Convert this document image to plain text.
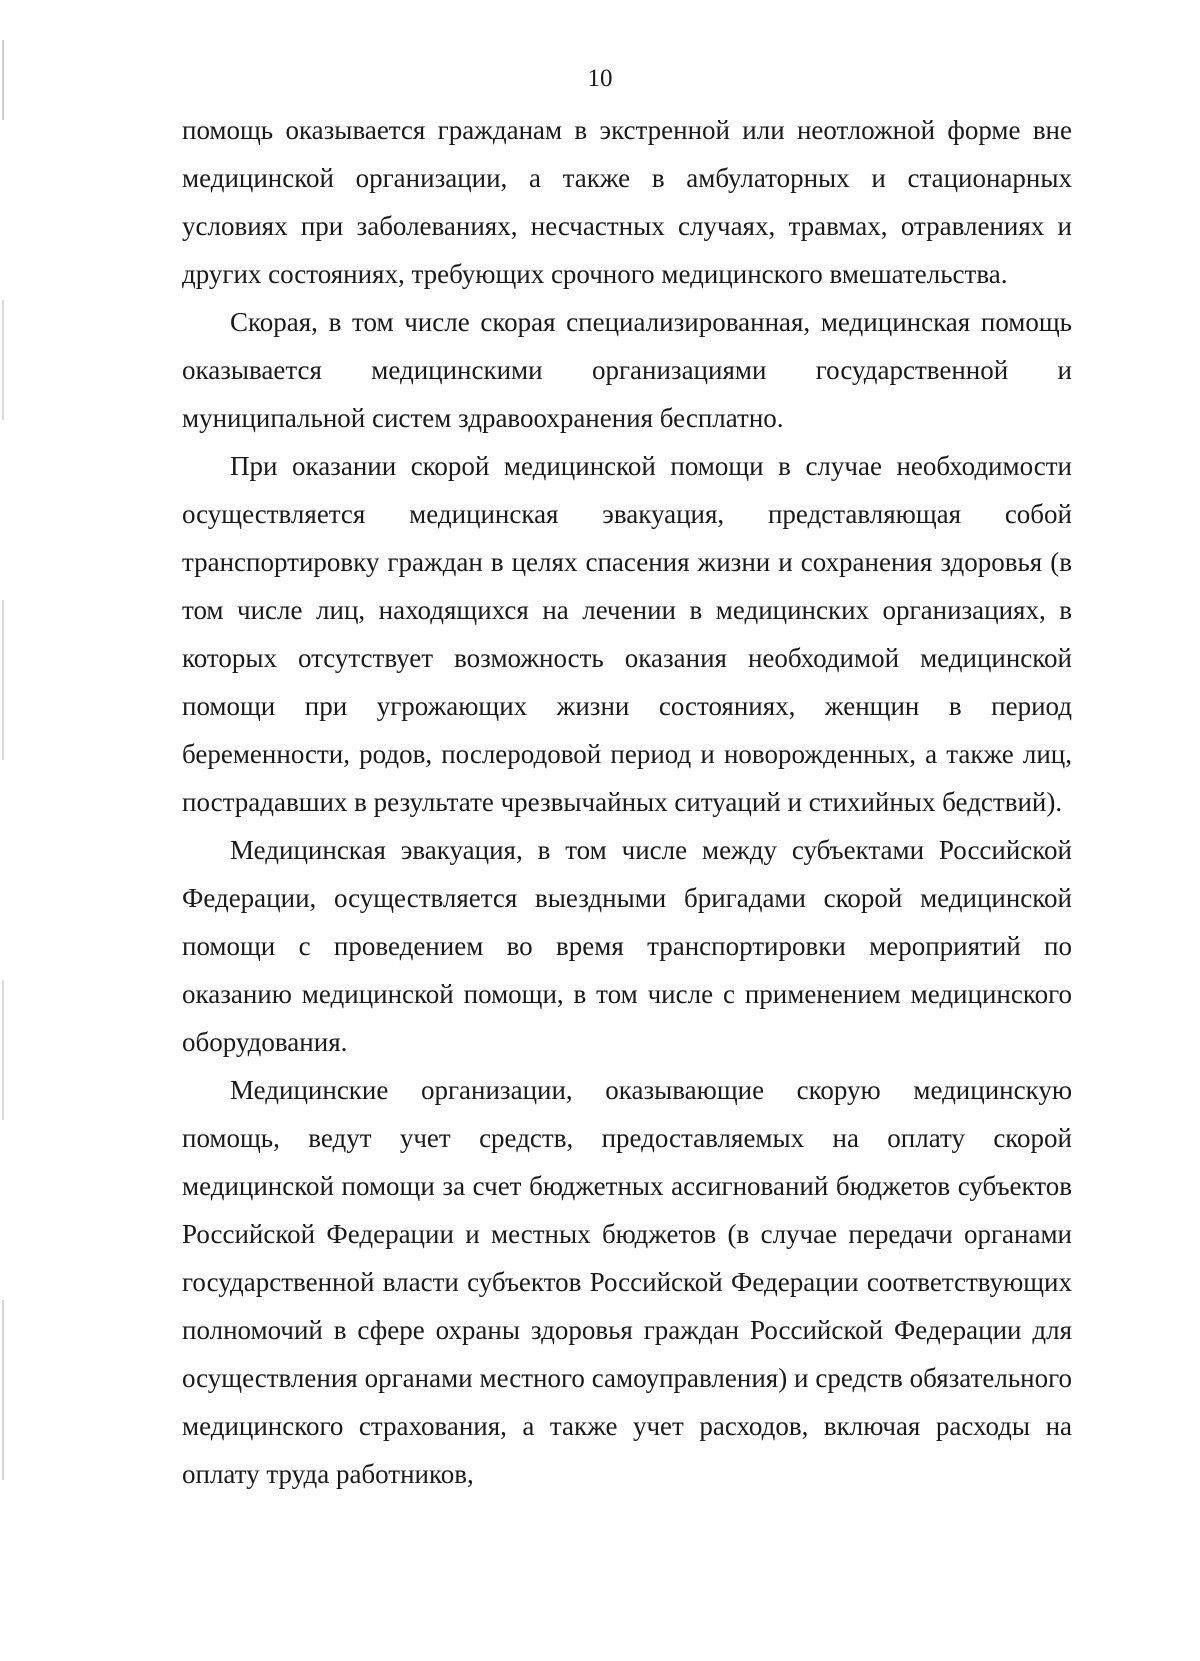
10

помощь оказывается гражданам в экстренной или неотложной форме вне медицинской организации, а также в амбулаторных и стационарных условиях при заболеваниях, несчастных случаях, травмах, отравлениях и других состояниях, требующих срочного медицинского вмешательства.

Скорая, в том числе скорая специализированная, медицинская помощь оказывается медицинскими организациями государственной и муниципальной систем здравоохранения бесплатно.

При оказании скорой медицинской помощи в случае необходимости осуществляется медицинская эвакуация, представляющая собой транспортировку граждан в целях спасения жизни и сохранения здоровья (в том числе лиц, находящихся на лечении в медицинских организациях, в которых отсутствует возможность оказания необходимой медицинской помощи при угрожающих жизни состояниях, женщин в период беременности, родов, послеродовой период и новорожденных, а также лиц, пострадавших в результате чрезвычайных ситуаций и стихийных бедствий).

Медицинская эвакуация, в том числе между субъектами Российской Федерации, осуществляется выездными бригадами скорой медицинской помощи с проведением во время транспортировки мероприятий по оказанию медицинской помощи, в том числе с применением медицинского оборудования.

Медицинские организации, оказывающие скорую медицинскую помощь, ведут учет средств, предоставляемых на оплату скорой медицинской помощи за счет бюджетных ассигнований бюджетов субъектов Российской Федерации и местных бюджетов (в случае передачи органами государственной власти субъектов Российской Федерации соответствующих полномочий в сфере охраны здоровья граждан Российской Федерации для осуществления органами местного самоуправления) и средств обязательного медицинского страхования, а также учет расходов, включая расходы на оплату труда работников,
